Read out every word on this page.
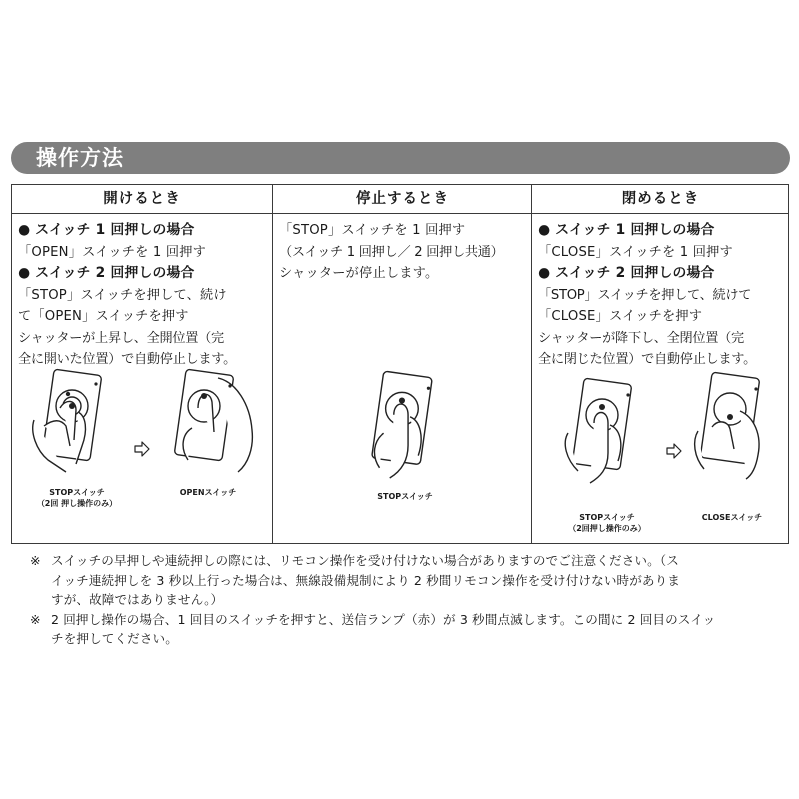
操作方法
開けるとき
● スイッチ 1 回押しの場合
「OPEN」スイッチを 1 回押す
● スイッチ 2 回押しの場合
「STOP」スイッチを押して、続け
て「OPEN」スイッチを押す
シャッターが上昇し、全開位置（完
全に開いた位置）で自動停止します。
STOPスイッチ
（2回 押し操作のみ）
OPENスイッチ
停止するとき
「STOP」スイッチを 1 回押す
（スイッチ 1 回押し／ 2 回押し共通）
シャッターが停止します。
STOPスイッチ
閉めるとき
● スイッチ 1 回押しの場合
「CLOSE」スイッチを 1 回押す
● スイッチ 2 回押しの場合
「STOP」スイッチを押して、続けて
「CLOSE」スイッチを押す
シャッターが降下し、全閉位置（完
全に閉じた位置）で自動停止します。
STOPスイッチ
（2回押し操作のみ）
CLOSEスイッチ
※ スイッチの早押しや連続押しの際には、リモコン操作を受け付けない場合がありますのでご注意ください。（ス
イッチ連続押しを 3 秒以上行った場合は、無線設備規制により 2 秒間リモコン操作を受け付けない時がありま
すが、故障ではありません。）
※ 2 回押し操作の場合、1 回目のスイッチを押すと、送信ランプ（赤）が 3 秒間点滅します。この間に 2 回目のスイッ
チを押してください。
